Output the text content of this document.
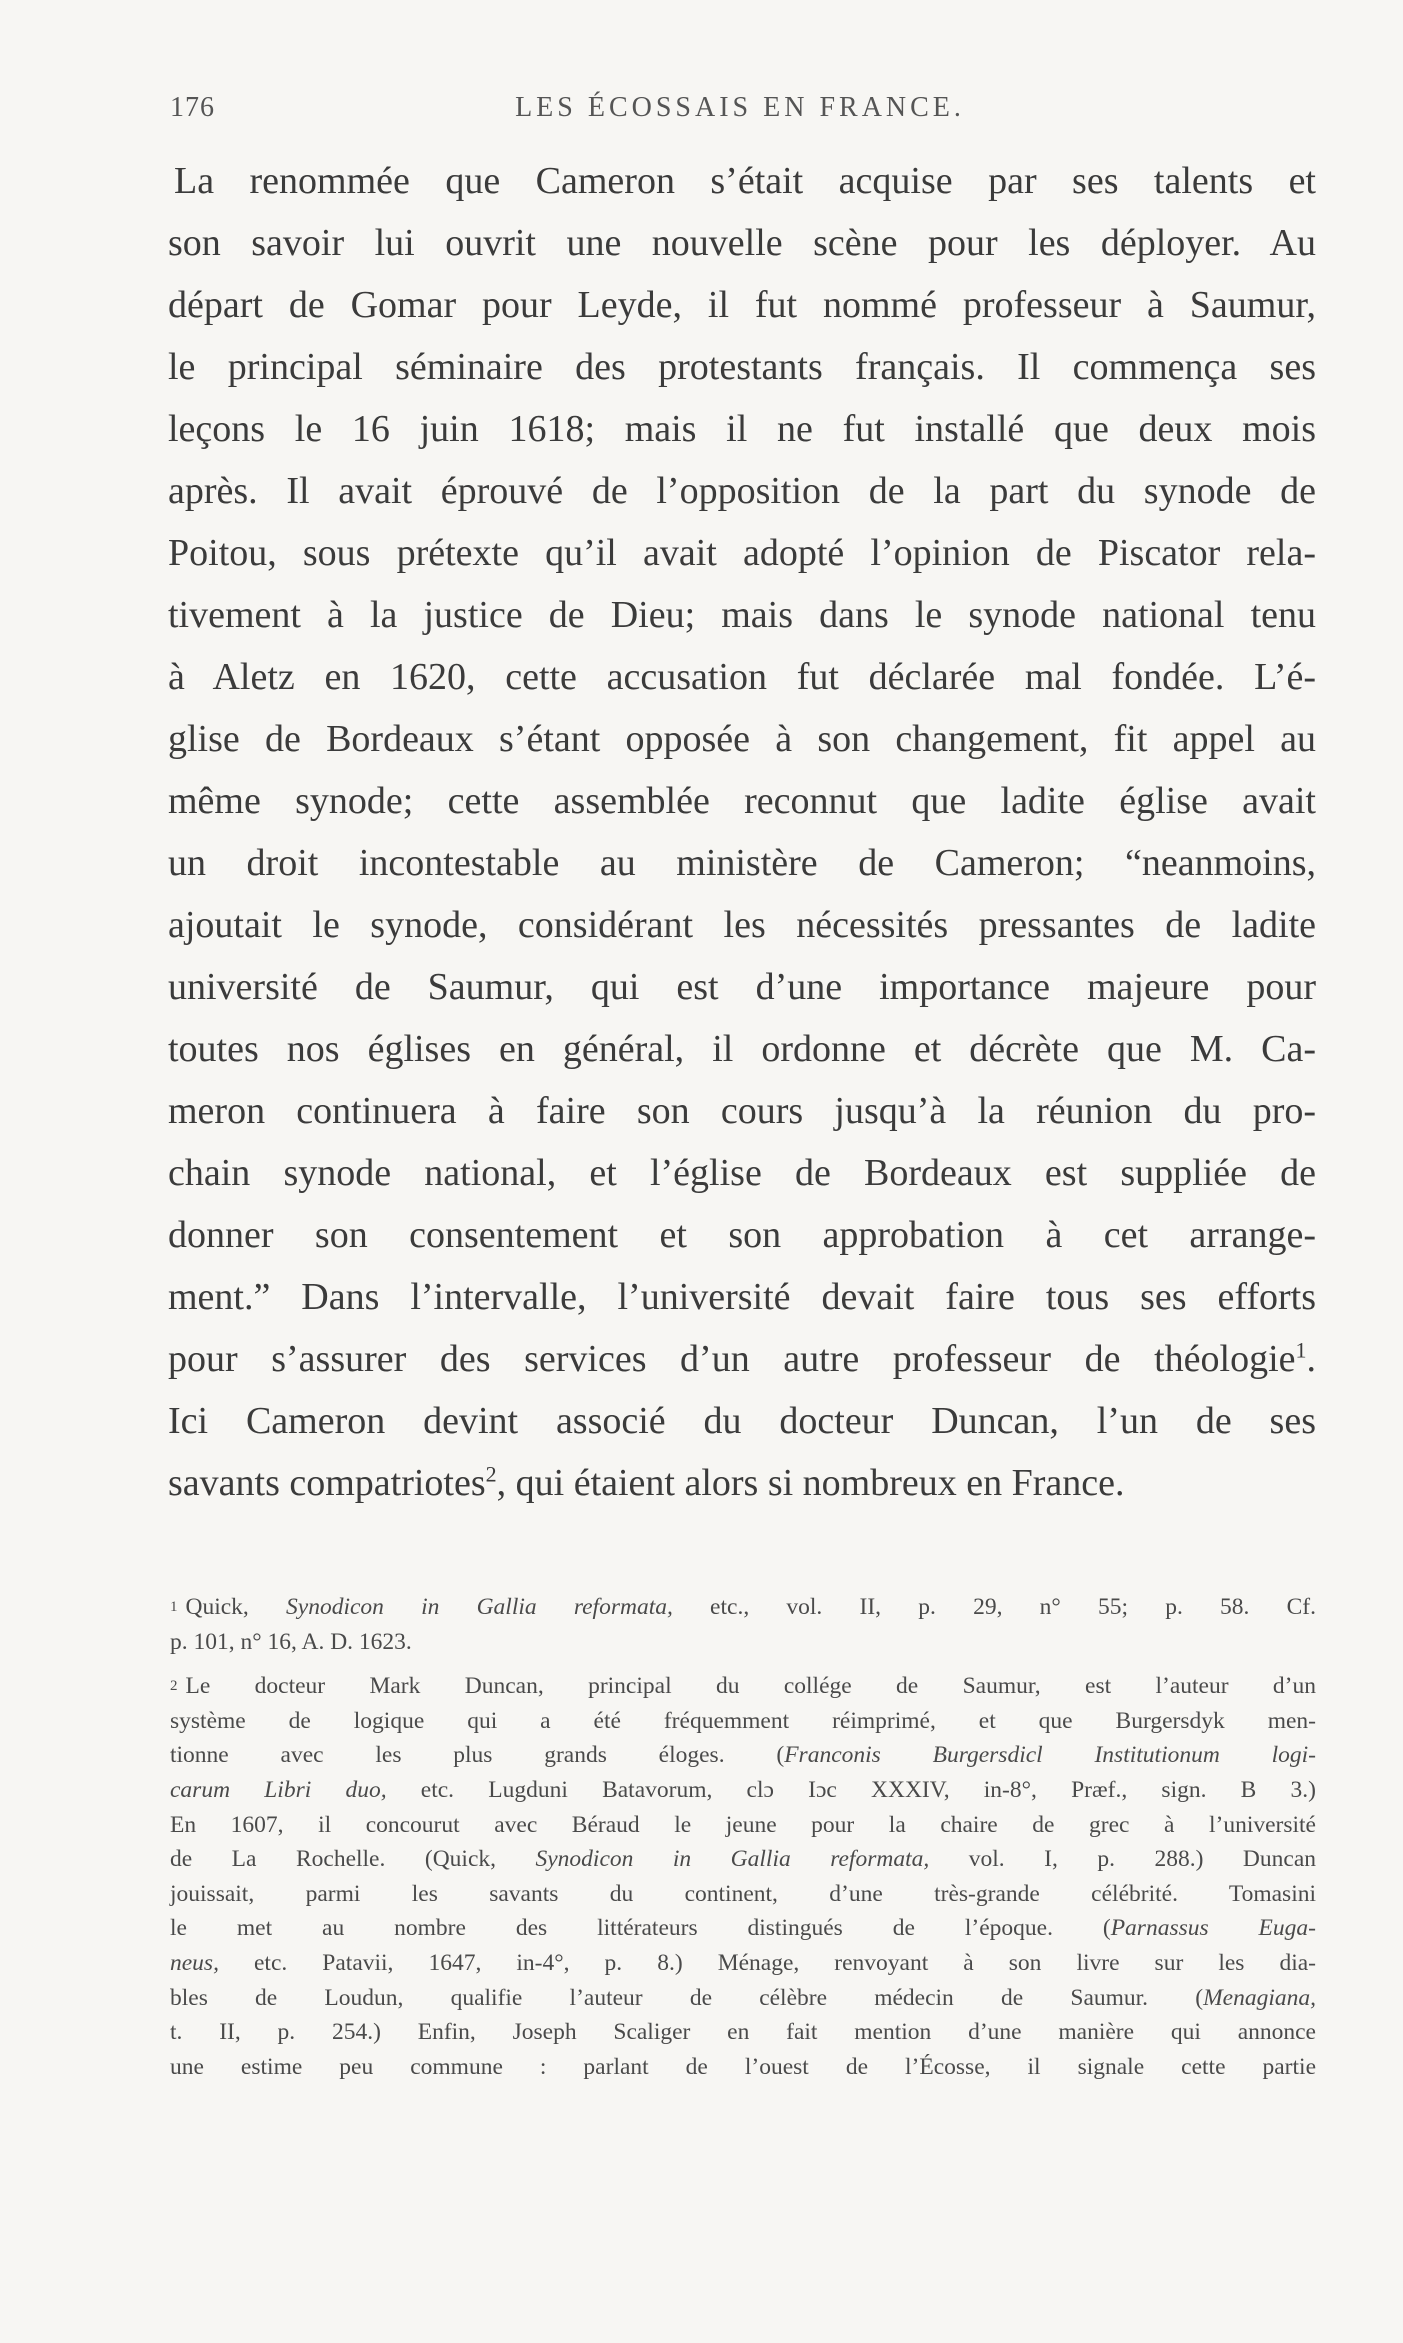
176	LES ÉCOSSAIS EN FRANCE.
La renommée que Cameron s’était acquise par ses talents et
son savoir lui ouvrit une nouvelle scène pour les déployer. Au
départ de Gomar pour Leyde, il fut nommé professeur à Saumur,
le principal séminaire des protestants français. Il commença ses
leçons le 16 juin 1618; mais il ne fut installé que deux mois
après. Il avait éprouvé de l’opposition de la part du synode de
Poitou, sous prétexte qu’il avait adopté l’opinion de Piscator rela-
tivement à la justice de Dieu; mais dans le synode national tenu
à Aletz en 1620, cette accusation fut déclarée mal fondée. L’é-
glise de Bordeaux s’étant opposée à son changement, fit appel au
même synode; cette assemblée reconnut que ladite église avait
un droit incontestable au ministère de Cameron; “neanmoins,
ajoutait le synode, considérant les nécessités pressantes de ladite
université de Saumur, qui est d’une importance majeure pour
toutes nos églises en général, il ordonne et décrète que M. Ca-
meron continuera à faire son cours jusqu’à la réunion du pro-
chain synode national, et l’église de Bordeaux est suppliée de
donner son consentement et son approbation à cet arrange-
ment.” Dans l’intervalle, l’université devait faire tous ses efforts
pour s’assurer des services d’un autre professeur de théologie$^1$.
Ici Cameron devint associé du docteur Duncan, l’un de ses
savants compatriotes$^2$, qui étaient alors si nombreux en France.
$^1$ Quick, Synodicon in Gallia reformata, etc., vol. II, p. 29, n° 55; p. 58. Cf.
p. 101, n° 16, A. D. 1623.
$^2$ Le docteur Mark Duncan, principal du collége de Saumur, est l’auteur d’un
système de logique qui a été fréquemment réimprimé, et que Burgersdyk men-
tionne avec les plus grands éloges. (Franconis Burgersdicl Institutionum logi-
carum Libri duo, etc. Lugduni Batavorum, clɔ Iɔc XXXIV, in-8°, Præf., sign. B 3.)
En 1607, il concourut avec Béraud le jeune pour la chaire de grec à l’université
de La Rochelle. (Quick, Synodicon in Gallia reformata, vol. I, p. 288.) Duncan
jouissait, parmi les savants du continent, d’une très-grande célébrité. Tomasini
le met au nombre des littérateurs distingués de l’époque. (Parnassus Euga-
neus, etc. Patavii, 1647, in-4°, p. 8.) Ménage, renvoyant à son livre sur les dia-
bles de Loudun, qualifie l’auteur de célèbre médecin de Saumur. (Menagiana,
t. II, p. 254.) Enfin, Joseph Scaliger en fait mention d’une manière qui annonce
une estime peu commune : parlant de l’ouest de l’Écosse, il signale cette partie
